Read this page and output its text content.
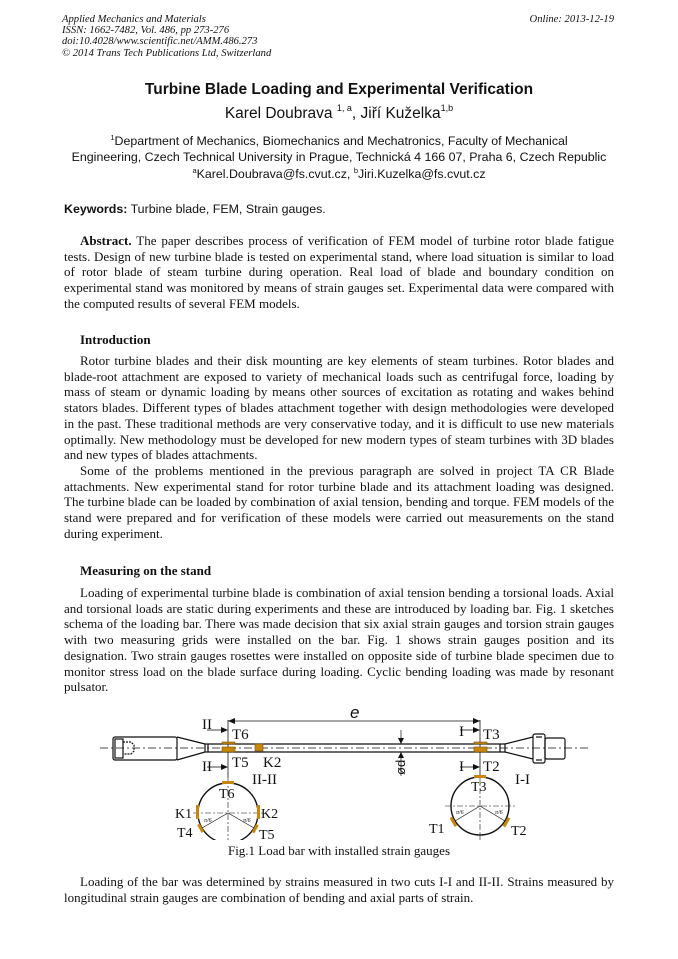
Applied Mechanics and Materials
ISSN: 1662-7482, Vol. 486, pp 273-276
doi:10.4028/www.scientific.net/AMM.486.273
© 2014 Trans Tech Publications Ltd, Switzerland
Online: 2013-12-19
Turbine Blade Loading and Experimental Verification
Karel Doubrava $^{1, a}$, Jiří Kuželka$^{1,b}$
$^1$Department of Mechanics, Biomechanics and Mechatronics, Faculty of Mechanical
Engineering, Czech Technical University in Prague, Technická 4 166 07, Praha 6, Czech Republic
$^a$Karel.Doubrava@fs.cvut.cz, $^b$Jiri.Kuzelka@fs.cvut.cz
Keywords: Turbine blade, FEM, Strain gauges.
Abstract. The paper describes process of verification of FEM model of turbine rotor blade fatigue tests. Design of new turbine blade is tested on experimental stand, where load situation is similar to load of rotor blade of steam turbine during operation. Real load of blade and boundary condition on experimental stand was monitored by means of strain gauges set. Experimental data were compared with the computed results of several FEM models.
Introduction
Rotor turbine blades and their disk mounting are key elements of steam turbines. Rotor blades and blade-root attachment are exposed to variety of mechanical loads such as centrifugal force, loading by mass of steam or dynamic loading by means other sources of excitation as rotating and wakes behind stators blades. Different types of blades attachment together with design methodologies were developed in the past. These traditional methods are very conservative today, and it is difficult to use new materials optimally. New methodology must be developed for new modern types of steam turbines with 3D blades and new types of blades attachments.
Some of the problems mentioned in the previous paragraph are solved in project TA CR Blade attachments. New experimental stand for rotor turbine blade and its attachment loading was designed. The turbine blade can be loaded by combination of axial tension, bending and torque. FEM models of the stand were prepared and for verification of these models were carried out measurements on the stand during experiment.
Measuring on the stand
Loading of experimental turbine blade is combination of axial tension bending a torsional loads. Axial and torsional loads are static during experiments and these are introduced by loading bar. Fig. 1 sketches schema of the loading bar. There was made decision that six axial strain gauges and torsion strain gauges with two measuring grids were installed on the bar. Fig. 1 shows strain gauges position and its designation. Two strain gauges rosettes were installed on opposite side of turbine blade specimen due to monitor stress load on the blade surface during loading. Cyclic bending loading was made by resonant pulsator.
II
II
T6
T5 K2
e
I
I
T3
T2
II-II	I-I
ød
T6
K1	K2
T4	T5
π/6	π/6
T3
T1	T2
π/6	π/6
Fig.1 Load bar with installed strain gauges
Loading of the bar was determined by strains measured in two cuts I-I and II-II. Strains measured by longitudinal strain gauges are combination of bending and axial parts of strain.
